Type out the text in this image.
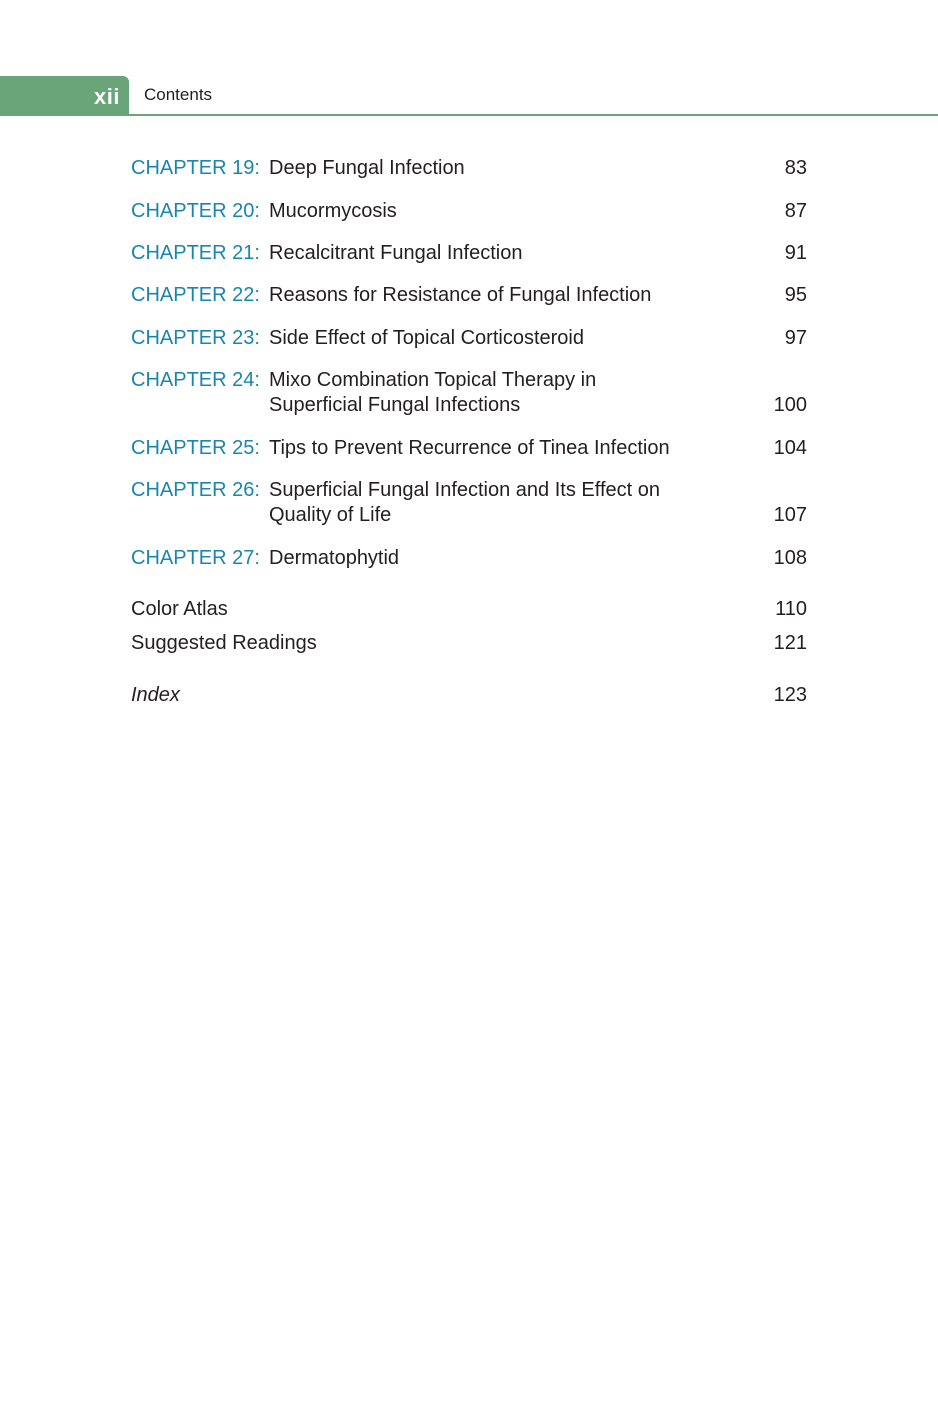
xii Contents
CHAPTER 19: Deep Fungal Infection	83
CHAPTER 20: Mucormycosis	87
CHAPTER 21: Recalcitrant Fungal Infection	91
CHAPTER 22: Reasons for Resistance of Fungal Infection	95
CHAPTER 23: Side Effect of Topical Corticosteroid	97
CHAPTER 24: Mixo Combination Topical Therapy in
Superficial Fungal Infections	100
CHAPTER 25: Tips to Prevent Recurrence of Tinea Infection	104
CHAPTER 26: Superficial Fungal Infection and Its Effect on
Quality of Life	107
CHAPTER 27: Dermatophytid	108
Color Atlas	110
Suggested Readings	121
Index	123
